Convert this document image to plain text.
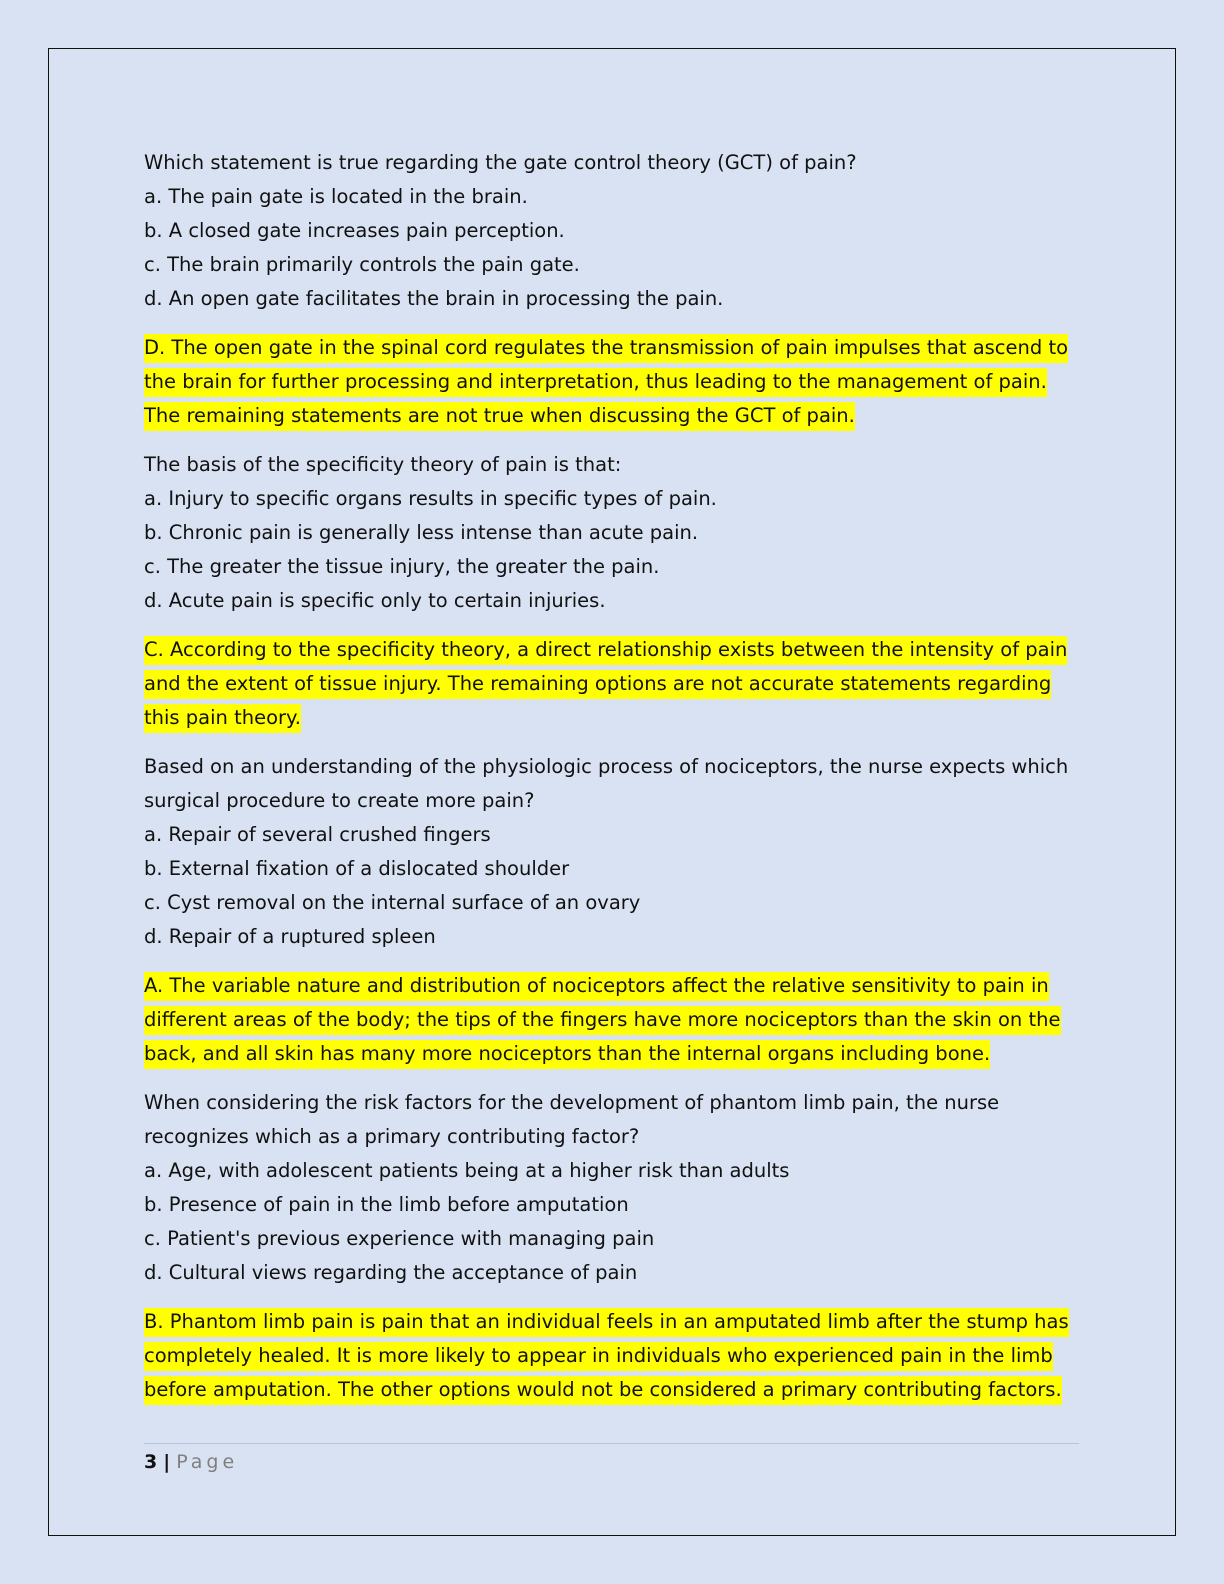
Which statement is true regarding the gate control theory (GCT) of pain?
a. The pain gate is located in the brain.
b. A closed gate increases pain perception.
c. The brain primarily controls the pain gate.
d. An open gate facilitates the brain in processing the pain.
D. The open gate in the spinal cord regulates the transmission of pain impulses that ascend to
the brain for further processing and interpretation, thus leading to the management of pain.
The remaining statements are not true when discussing the GCT of pain.
The basis of the specificity theory of pain is that:
a. Injury to specific organs results in specific types of pain.
b. Chronic pain is generally less intense than acute pain.
c. The greater the tissue injury, the greater the pain.
d. Acute pain is specific only to certain injuries.
C. According to the specificity theory, a direct relationship exists between the intensity of pain
and the extent of tissue injury. The remaining options are not accurate statements regarding
this pain theory.
Based on an understanding of the physiologic process of nociceptors, the nurse expects which
surgical procedure to create more pain?
a. Repair of several crushed fingers
b. External fixation of a dislocated shoulder
c. Cyst removal on the internal surface of an ovary
d. Repair of a ruptured spleen
A. The variable nature and distribution of nociceptors affect the relative sensitivity to pain in
different areas of the body; the tips of the fingers have more nociceptors than the skin on the
back, and all skin has many more nociceptors than the internal organs including bone.
When considering the risk factors for the development of phantom limb pain, the nurse
recognizes which as a primary contributing factor?
a. Age, with adolescent patients being at a higher risk than adults
b. Presence of pain in the limb before amputation
c. Patient's previous experience with managing pain
d. Cultural views regarding the acceptance of pain
B. Phantom limb pain is pain that an individual feels in an amputated limb after the stump has
completely healed. It is more likely to appear in individuals who experienced pain in the limb
before amputation. The other options would not be considered a primary contributing factors.
3 | Page
